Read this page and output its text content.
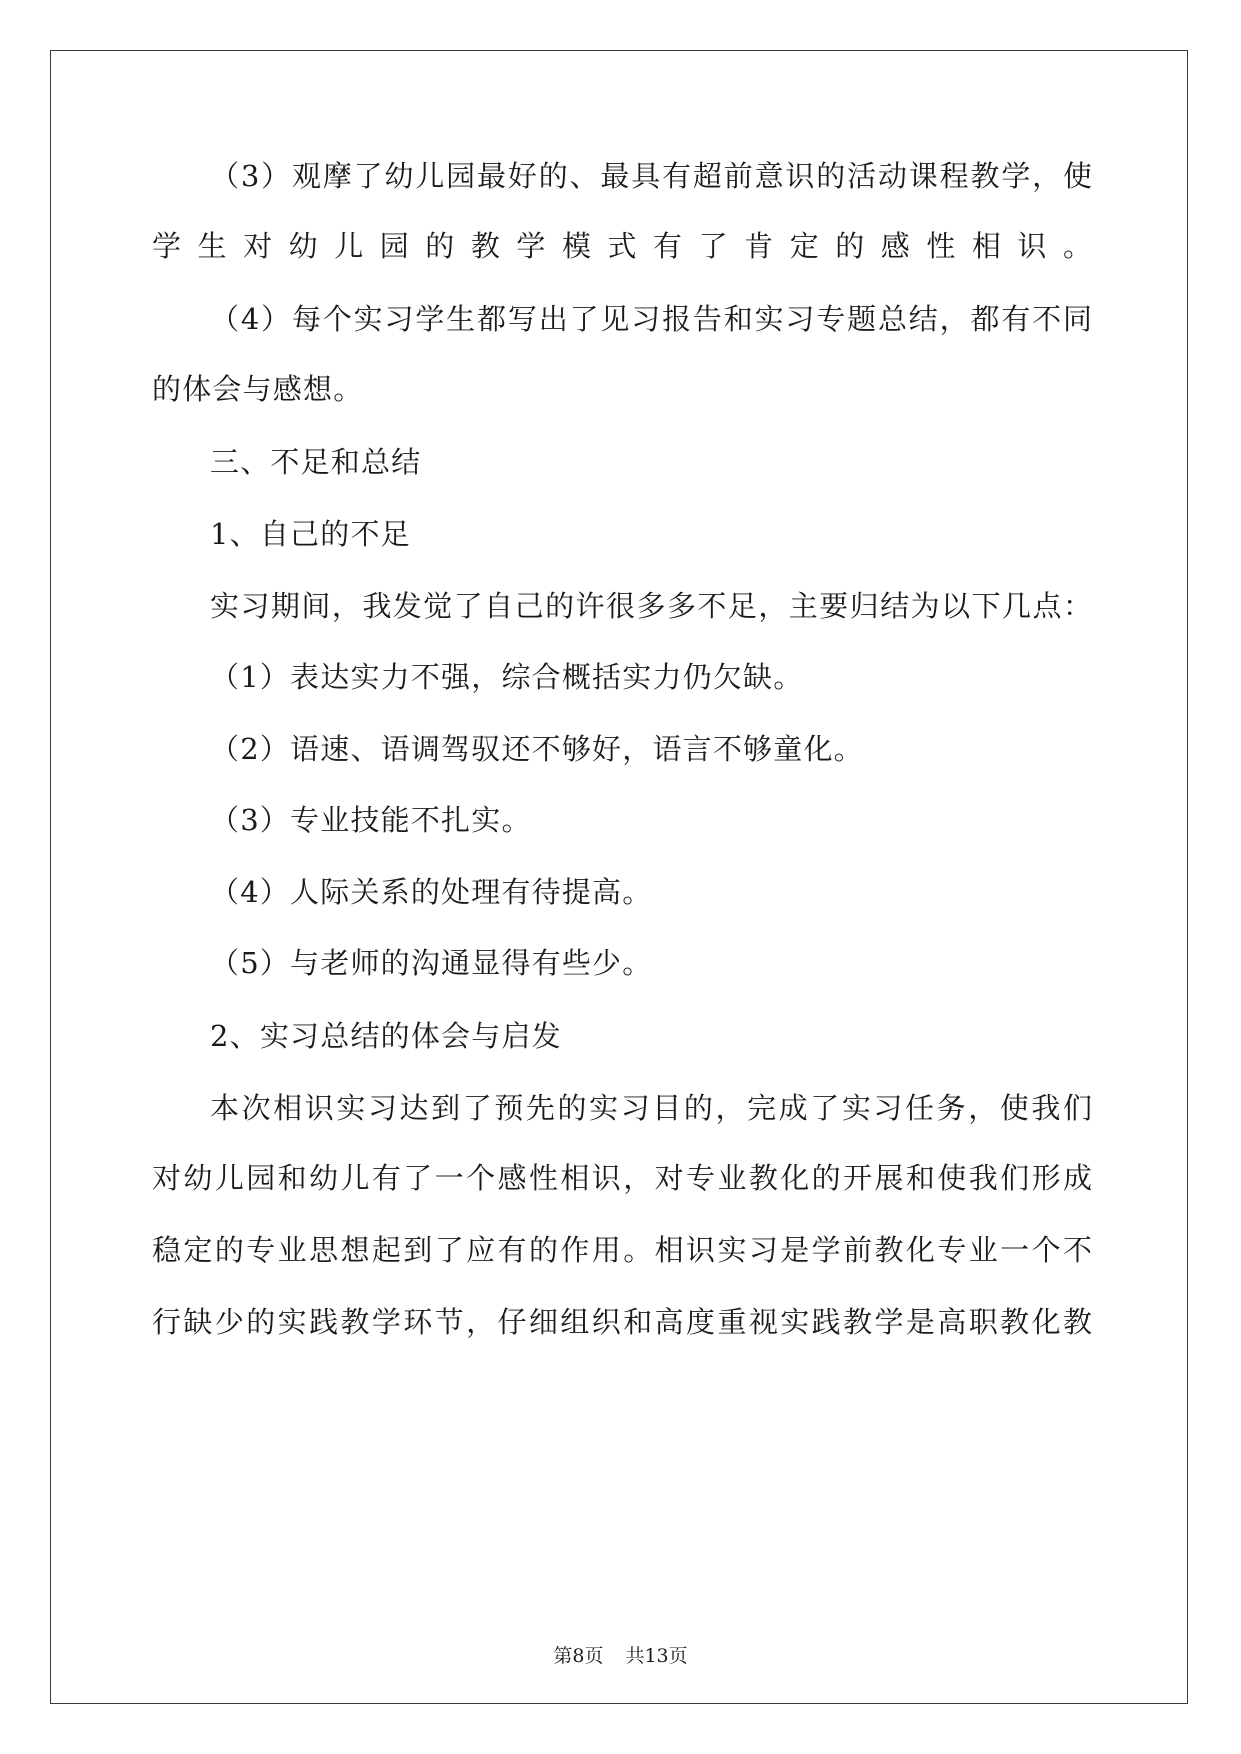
（3）观摩了幼儿园最好的、最具有超前意识的活动课程教学，使
学生对幼儿园的教学模式有了肯定的感性相识。
（4）每个实习学生都写出了见习报告和实习专题总结，都有不同
的体会与感想。
三、不足和总结
1、自己的不足
实习期间，我发觉了自己的许很多多不足，主要归结为以下几点：
（1）表达实力不强，综合概括实力仍欠缺。
（2）语速、语调驾驭还不够好，语言不够童化。
（3）专业技能不扎实。
（4）人际关系的处理有待提高。
（5）与老师的沟通显得有些少。
2、实习总结的体会与启发
本次相识实习达到了预先的实习目的，完成了实习任务，使我们
对幼儿园和幼儿有了一个感性相识，对专业教化的开展和使我们形成
稳定的专业思想起到了应有的作用。相识实习是学前教化专业一个不
行缺少的实践教学环节，仔细组织和高度重视实践教学是高职教化教
第8页 共13页
